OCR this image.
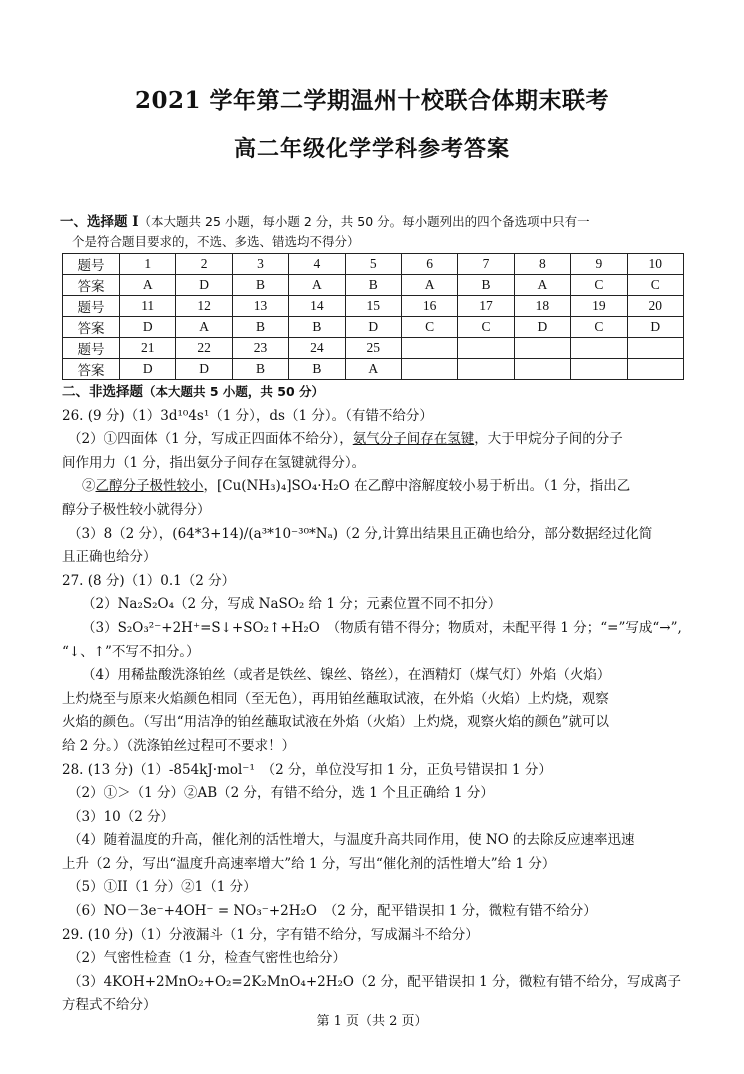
2021 学年第二学期温州十校联合体期末联考
高二年级化学学科参考答案
一、选择题 I（本大题共 25 小题，每小题 2 分，共 50 分。每小题列出的四个备选项中只有一
个是符合题目要求的，不选、多选、错选均不得分）
题号	1	2	3	4	5	6	7	8	9	10
答案	A	D	B	A	B	A	B	A	C	C
题号	11	12	13	14	15	16	17	18	19	20
答案	D	A	B	B	D	C	C	D	C	D
题号	21	22	23	24	25					
答案	D	D	B	B	A					

二、非选择题（本大题共 5 小题，共 50 分）

26. (9 分)（1）3d¹⁰4s¹（1 分），ds（1 分）。（有错不给分）

（2）①四面体（1 分，写成正四面体不给分），氨气分子间存在氢键，大于甲烷分子间的分子

间作用力（1 分，指出氨分子间存在氢键就得分）。

②乙醇分子极性较小，[Cu(NH₃)₄]SO₄·H₂O 在乙醇中溶解度较小易于析出。（1 分，指出乙

醇分子极性较小就得分）

（3）8（2 分），(64*3+14)/(a³*10⁻³⁰*Nₐ)（2 分,计算出结果且正确也给分，部分数据经过化简

且正确也给分）

27. (8 分)（1）0.1（2 分）

（2）Na₂S₂O₄（2 分，写成 NaSO₂ 给 1 分；元素位置不同不扣分）

（3）S₂O₃²⁻+2H⁺=S↓+SO₂↑+H₂O　（物质有错不得分；物质对，未配平得 1 分；“=”写成“→”,

“↓、↑”不写不扣分。）

（4）用稀盐酸洗涤铂丝（或者是铁丝、镍丝、铬丝），在酒精灯（煤气灯）外焰（火焰）

上灼烧至与原来火焰颜色相同（至无色），再用铂丝蘸取试液，在外焰（火焰）上灼烧，观察

火焰的颜色。（写出“用洁净的铂丝蘸取试液在外焰（火焰）上灼烧，观察火焰的颜色”就可以

给 2 分。）（洗涤铂丝过程可不要求！）

28. (13 分)（1）-854kJ·mol⁻¹　（2 分，单位没写扣 1 分，正负号错误扣 1 分）

（2）①＞（1 分）②AB（2 分，有错不给分，选 1 个且正确给 1 分）

（3）10（2 分）

（4）随着温度的升高，催化剂的活性增大，与温度升高共同作用，使 NO 的去除反应速率迅速

上升（2 分，写出“温度升高速率增大”给 1 分，写出“催化剂的活性增大”给 1 分）

（5）①II（1 分）②1（1 分）

（6）NO－3e⁻+4OH⁻ = NO₃⁻+2H₂O　（2 分，配平错误扣 1 分，微粒有错不给分）

29. (10 分)（1）分液漏斗（1 分，字有错不给分，写成漏斗不给分）

（2）气密性检查（1 分，检查气密性也给分）

（3）4KOH+2MnO₂+O₂=2K₂MnO₄+2H₂O（2 分，配平错误扣 1 分，微粒有错不给分，写成离子

方程式不给分）

第 1 页（共 2 页）
